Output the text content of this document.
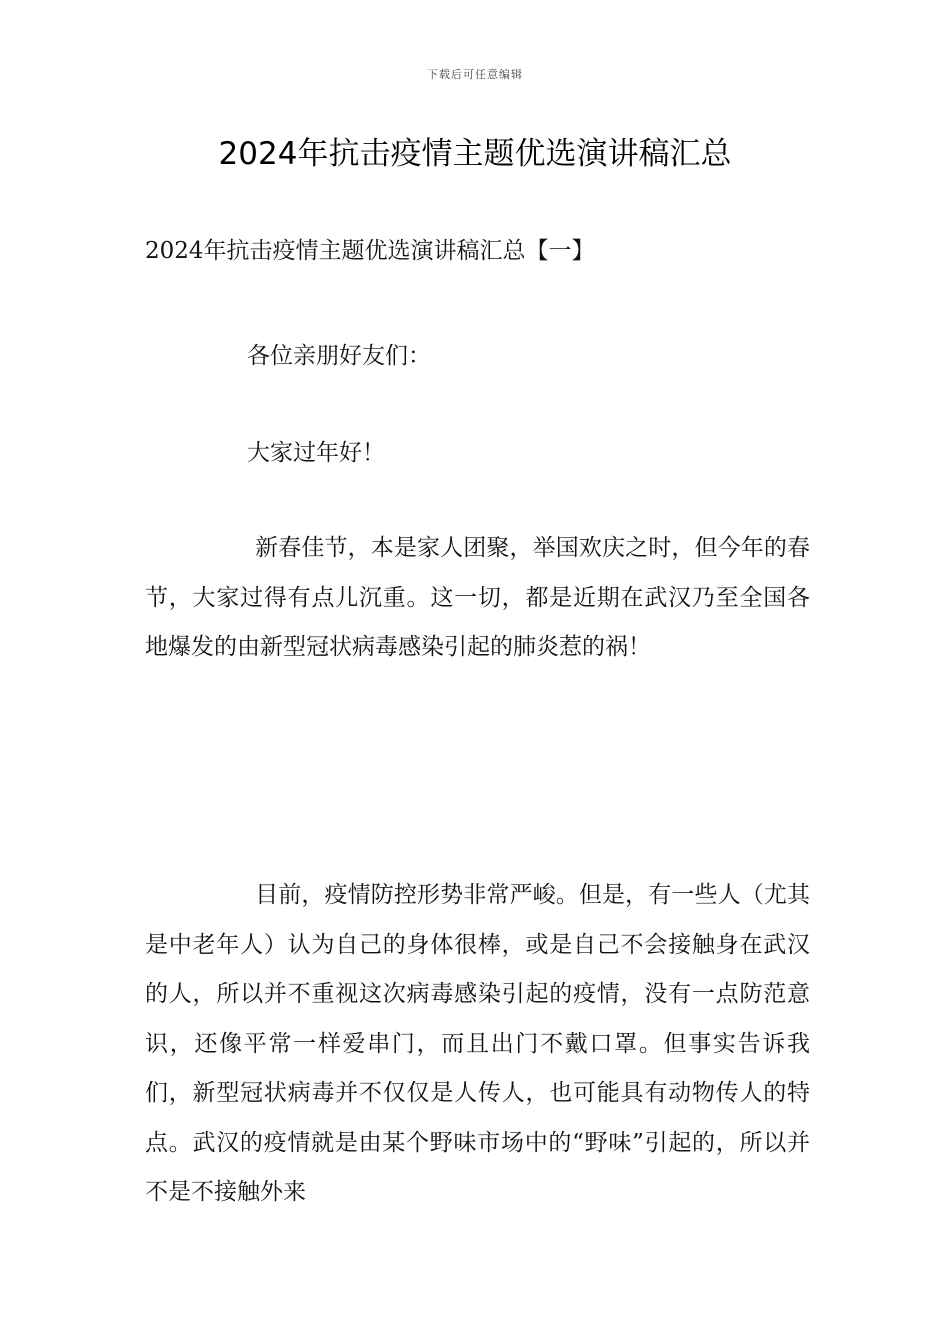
下载后可任意编辑
2024年抗击疫情主题优选演讲稿汇总
2024年抗击疫情主题优选演讲稿汇总【一】

各位亲朋好友们：

大家过年好！

新春佳节，本是家人团聚，举国欢庆之时，但今年的春节，大家过得有点儿沉重。这一切，都是近期在武汉乃至全国各地爆发的由新型冠状病毒感染引起的肺炎惹的祸！

目前，疫情防控形势非常严峻。但是，有一些人（尤其是中老年人）认为自己的身体很棒，或是自己不会接触身在武汉的人，所以并不重视这次病毒感染引起的疫情，没有一点防范意识，还像平常一样爱串门，而且出门不戴口罩。但事实告诉我们，新型冠状病毒并不仅仅是人传人，也可能具有动物传人的特点。武汉的疫情就是由某个野味市场中的“野味”引起的，所以并不是不接触外来
